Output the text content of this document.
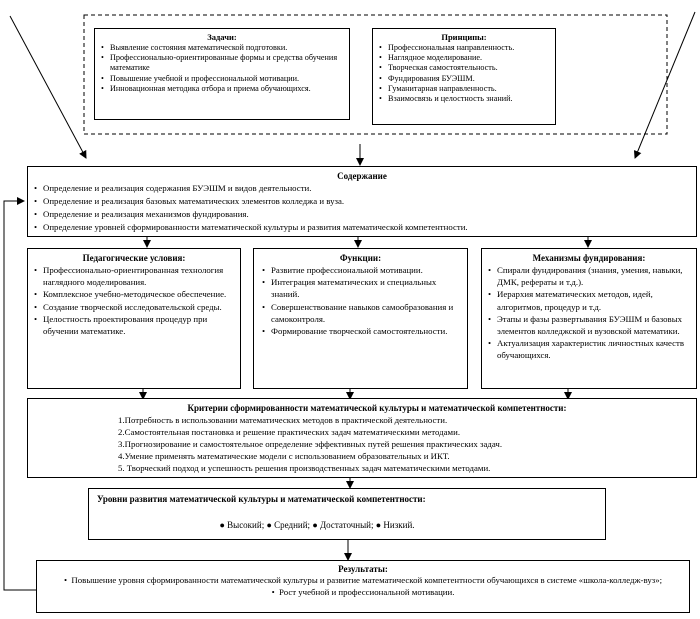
Задачи:
• Выявление состояния математической подготовки.
• Профессионально-ориентированные формы и средства обучения математике
• Повышение учебной и профессиональной мотивации.
• Инновационная методика отбора и приема обучающихся.
Принципы:
• Профессиональная направленность.
• Наглядное моделирование.
• Творческая самостоятельность.
• Фундирования БУЭШМ.
• Гуманитарная направленность.
• Взаимосвязь и целостность знаний.
Содержание
• Определение и реализация содержания БУЭШМ и видов деятельности.
• Определение и реализация базовых математических элементов колледжа и вуза.
• Определение и реализация механизмов фундирования.
• Определение уровней сформированности математической культуры и развития математической компетентности.
Педагогические условия:
• Профессионально-ориентированная технология наглядного моделирования.
• Комплексное учебно-методическое обеспечение.
• Создание творческой исследовательской среды.
• Целостность проектирования процедур при обучении математике.
Функции:
• Развитие профессиональной мотивации.
• Интеграция математических и специальных знаний.
• Совершенствование навыков самообразования и самоконтроля.
• Формирование творческой самостоятельности.
Механизмы фундирования:
• Спирали фундирования (знания, умения, навыки, ДМК, рефераты и т.д.).
• Иерархия математических методов, идей, алгоритмов, процедур и т.д.
• Этапы и фазы развертывания БУЭШМ и базовых элементов колледжской и вузовской математики.
• Актуализация характеристик личностных качеств обучающихся.
Критерии сформированности математической культуры и математической компетентности:
1.Потребность в использовании математических методов в практической деятельности.
2.Самостоятельная постановка и решение практических задач математическими методами.
3.Прогнозирование и самостоятельное определение эффективных путей решения практических задач.
4.Умение применять математические модели с использованием образовательных и ИКТ.
5. Творческий подход и успешность решения производственных задач математическими методами.
Уровни развития математической культуры и математической компетентности:
● Высокий; ● Средний; ● Достаточный; ● Низкий.
Результаты:
•  Повышение уровня сформированности математической культуры и развитие математической компетентности обучающихся в системе «школа-колледж-вуз»;
•  Рост учебной и профессиональной мотивации.
